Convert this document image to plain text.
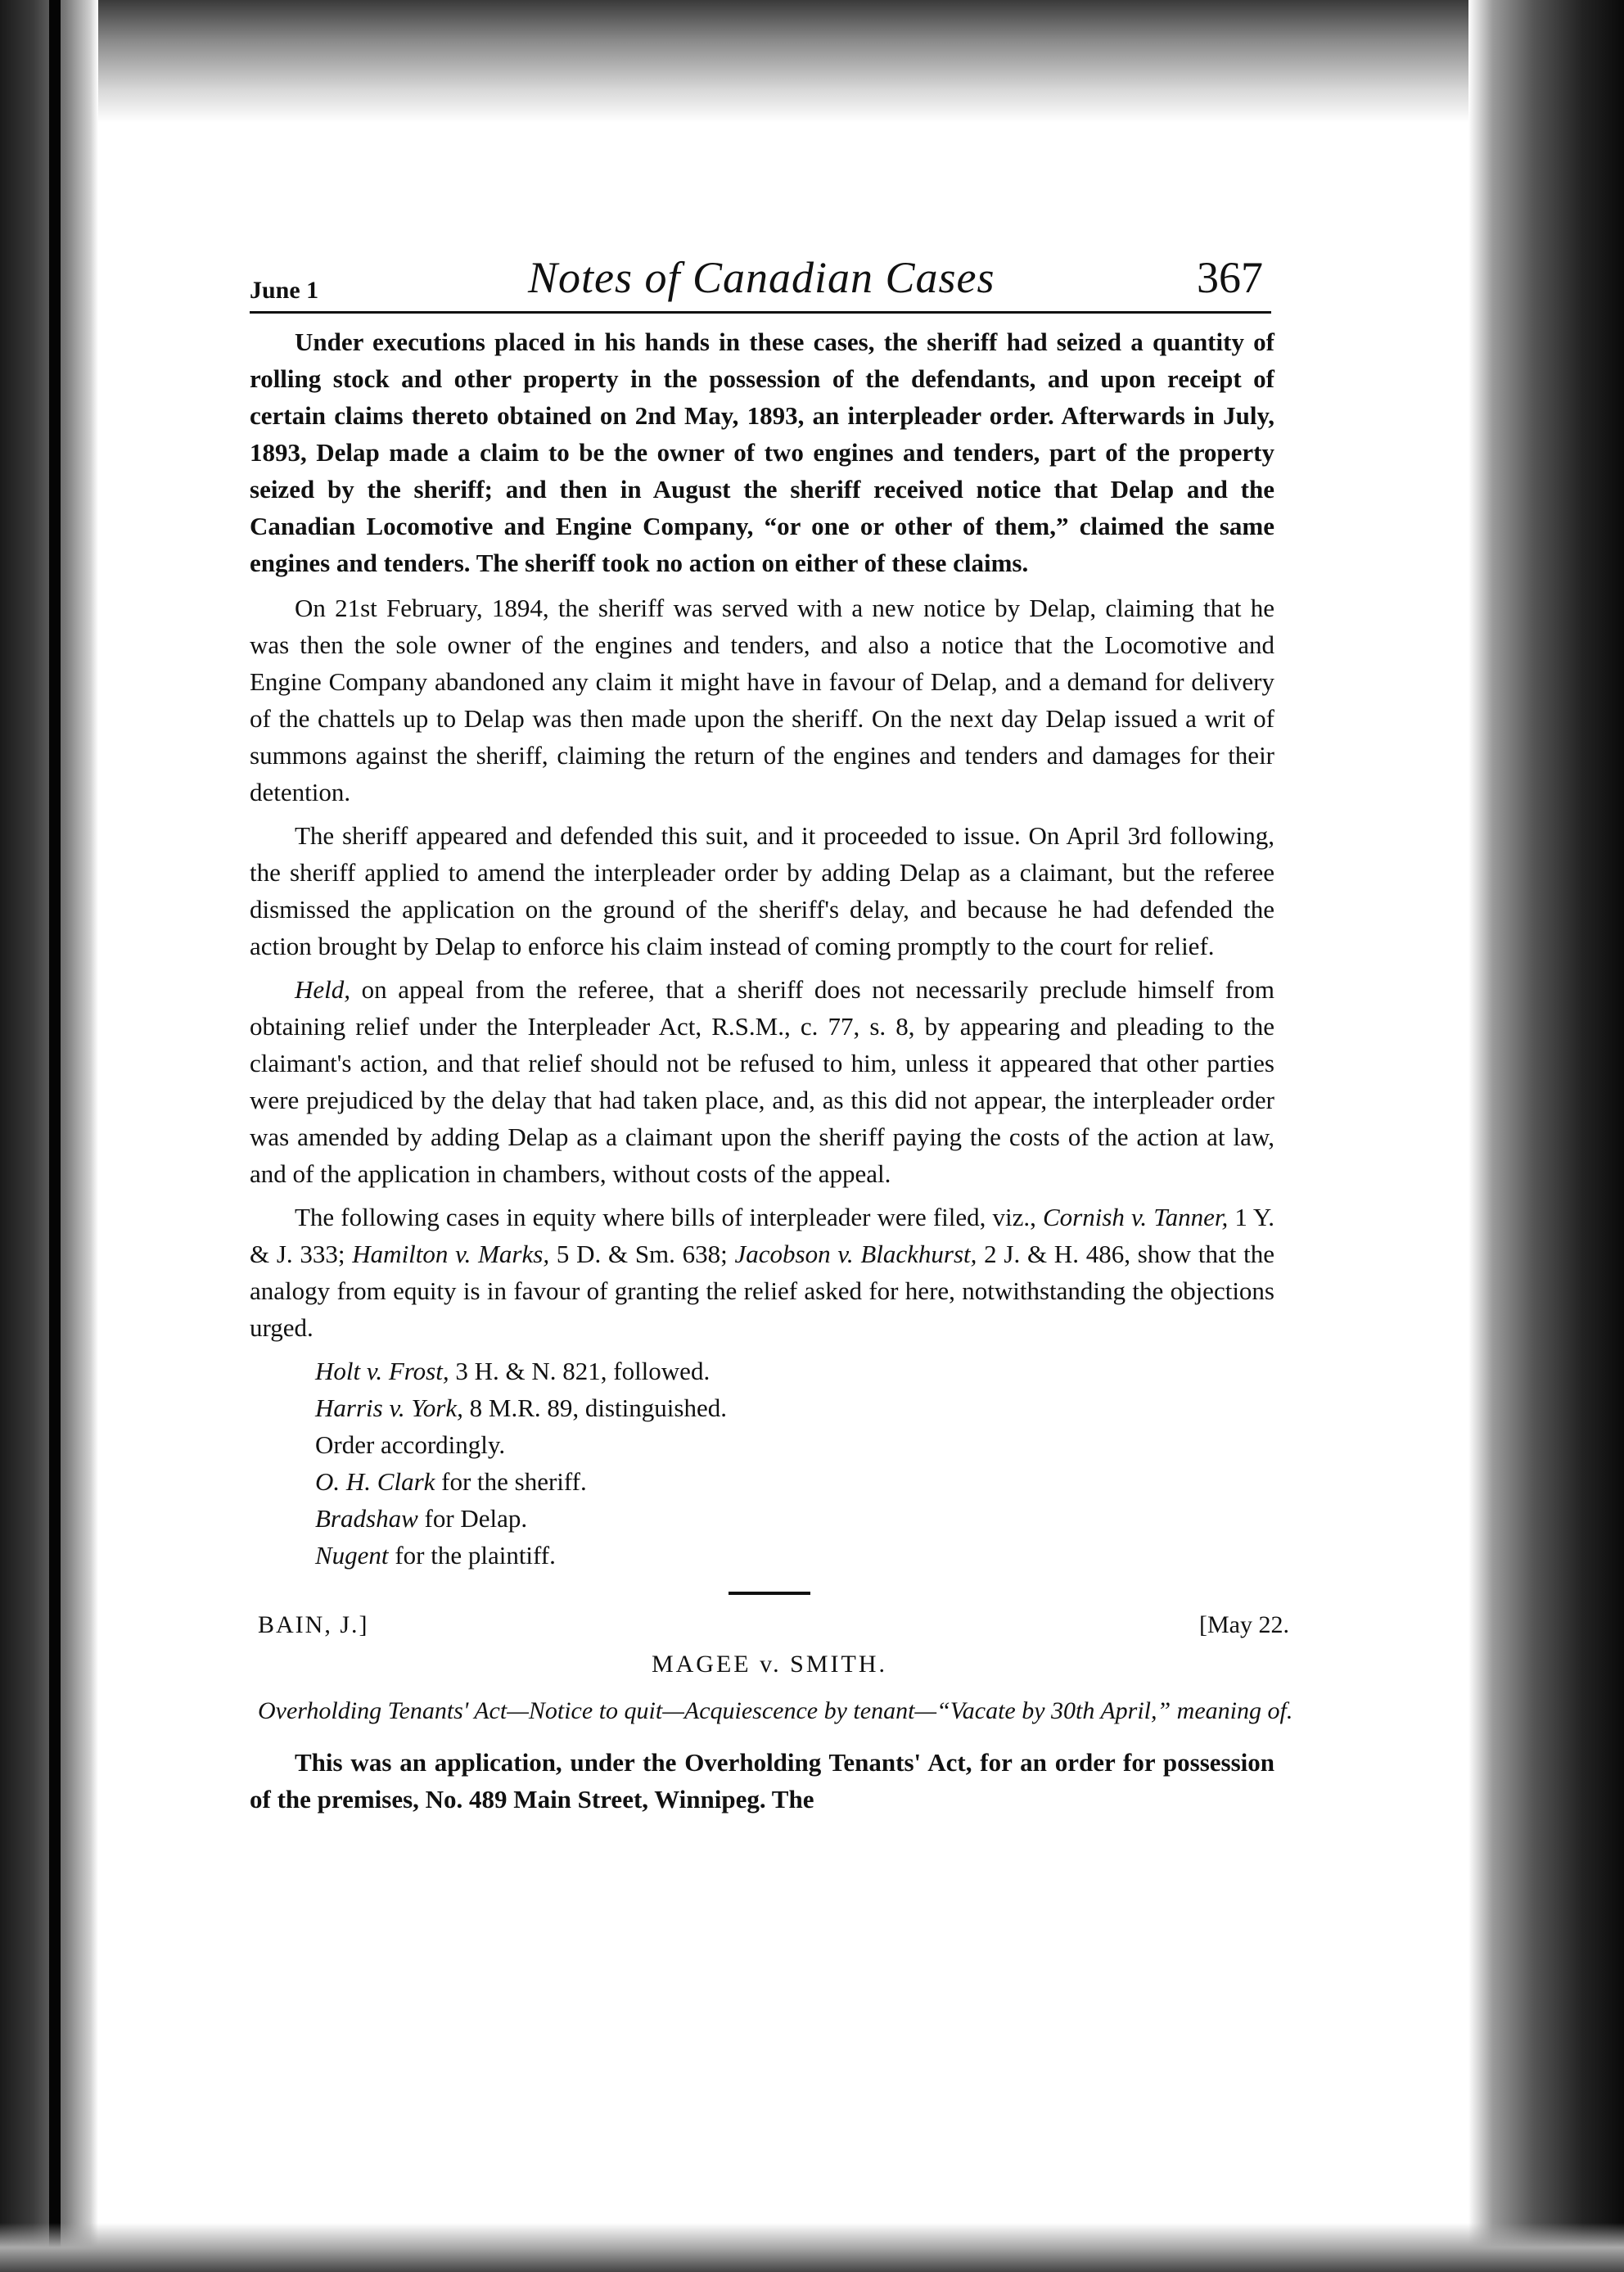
June 1	Notes of Canadian Cases	367

Under executions placed in his hands in these cases, the sheriff had seized a quantity of rolling stock and other property in the possession of the defendants, and upon receipt of certain claims thereto obtained on 2nd May, 1893, an interpleader order. Afterwards in July, 1893, Delap made a claim to be the owner of two engines and tenders, part of the property seized by the sheriff; and then in August the sheriff received notice that Delap and the Canadian Locomotive and Engine Company, “or one or other of them,” claimed the same engines and tenders. The sheriff took no action on either of these claims.

On 21st February, 1894, the sheriff was served with a new notice by Delap, claiming that he was then the sole owner of the engines and tenders, and also a notice that the Locomotive and Engine Company abandoned any claim it might have in favour of Delap, and a demand for delivery of the chattels up to Delap was then made upon the sheriff. On the next day Delap issued a writ of summons against the sheriff, claiming the return of the engines and tenders and damages for their detention.

The sheriff appeared and defended this suit, and it proceeded to issue. On April 3rd following, the sheriff applied to amend the interpleader order by adding Delap as a claimant, but the referee dismissed the application on the ground of the sheriff's delay, and because he had defended the action brought by Delap to enforce his claim instead of coming promptly to the court for relief.

Held, on appeal from the referee, that a sheriff does not necessarily preclude himself from obtaining relief under the Interpleader Act, R.S.M., c. 77, s. 8, by appearing and pleading to the claimant's action, and that relief should not be refused to him, unless it appeared that other parties were prejudiced by the delay that had taken place, and, as this did not appear, the interpleader order was amended by adding Delap as a claimant upon the sheriff paying the costs of the action at law, and of the application in chambers, without costs of the appeal.

The following cases in equity where bills of interpleader were filed, viz., Cornish v. Tanner, 1 Y. & J. 333; Hamilton v. Marks, 5 D. & Sm. 638; Jacobson v. Blackhurst, 2 J. & H. 486, show that the analogy from equity is in favour of granting the relief asked for here, notwithstanding the objections urged.

Holt v. Frost, 3 H. & N. 821, followed.
Harris v. York, 8 M.R. 89, distinguished.
Order accordingly.
O. H. Clark for the sheriff.
Bradshaw for Delap.
Nugent for the plaintiff.
BAIN, J.]	[May 22.
MAGEE v. SMITH.
Overholding Tenants' Act—Notice to quit—Acquiescence by tenant—“Vacate by 30th April,” meaning of.

This was an application, under the Overholding Tenants' Act, for an order for possession of the premises, No. 489 Main Street, Winnipeg. The
